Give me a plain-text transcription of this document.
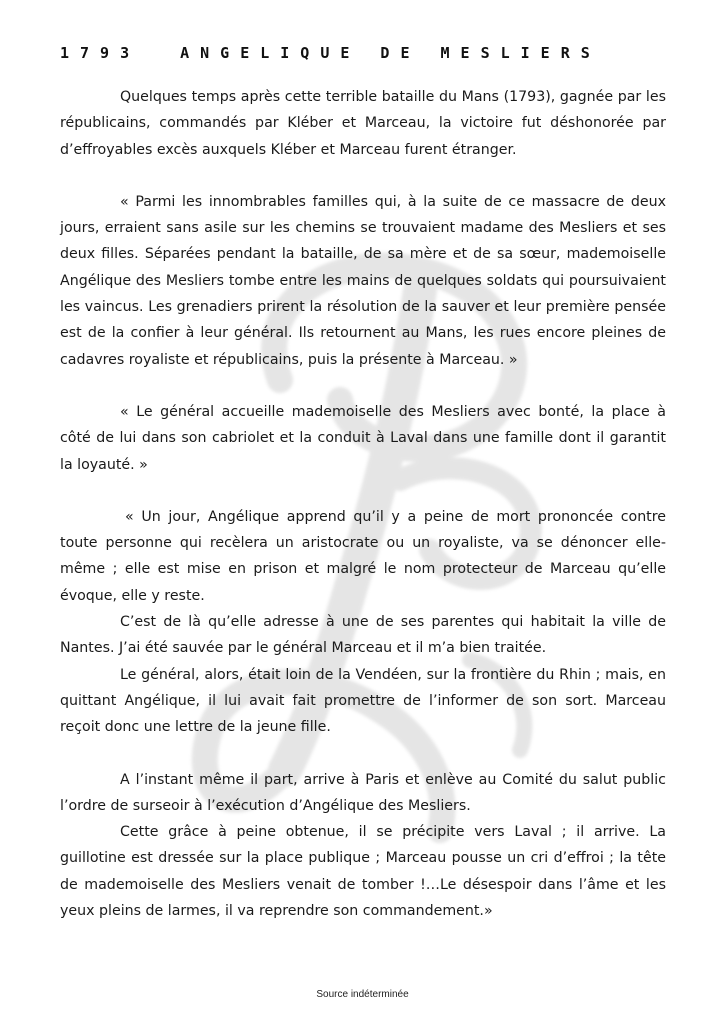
1793	ANGELIQUE DE MESLIERS

Quelques temps après cette terrible bataille du Mans (1793), gagnée par les républicains, commandés par Kléber et Marceau, la victoire fut déshonorée par d’effroyables excès auxquels Kléber et Marceau furent étranger.

« Parmi les innombrables familles qui, à la suite de ce massacre de deux jours, erraient sans asile sur les chemins se trouvaient madame des Mesliers et ses deux filles. Séparées pendant la bataille, de sa mère et de sa sœur, mademoiselle Angélique des Mesliers tombe entre les mains de quelques soldats qui poursuivaient les vaincus. Les grenadiers prirent la résolution de la sauver et leur première pensée est de la confier à leur général. Ils retournent au Mans, les rues encore pleines de cadavres royaliste et républicains, puis la présente à Marceau. »

« Le général accueille mademoiselle des Mesliers avec bonté, la place à côté de lui dans son cabriolet et la conduit à Laval dans une famille dont il garantit la loyauté. »

« Un jour, Angélique apprend qu’il y a peine de mort prononcée contre toute personne qui recèlera un aristocrate ou un royaliste, va se dénoncer elle-même ; elle est mise en prison et malgré le nom protecteur de Marceau qu’elle évoque, elle y reste.

C’est de là qu’elle adresse à une de ses parentes qui habitait la ville de Nantes. J’ai été sauvée par le général Marceau et il m’a bien traitée.

Le général, alors, était loin de la Vendéen, sur la frontière du Rhin ; mais, en quittant Angélique, il lui avait fait promettre de l’informer de son sort. Marceau reçoit donc une lettre de la jeune fille.

A l’instant même il part, arrive à Paris et enlève au Comité du salut public l’ordre de surseoir à l’exécution d’Angélique des Mesliers.

Cette grâce à peine obtenue, il se précipite vers Laval ; il arrive. La guillotine est dressée sur la place publique ; Marceau pousse un cri d’effroi ; la tête de mademoiselle des Mesliers venait de tomber !…Le désespoir dans l’âme et les yeux pleins de larmes, il va reprendre son commandement.»

Source indéterminée
